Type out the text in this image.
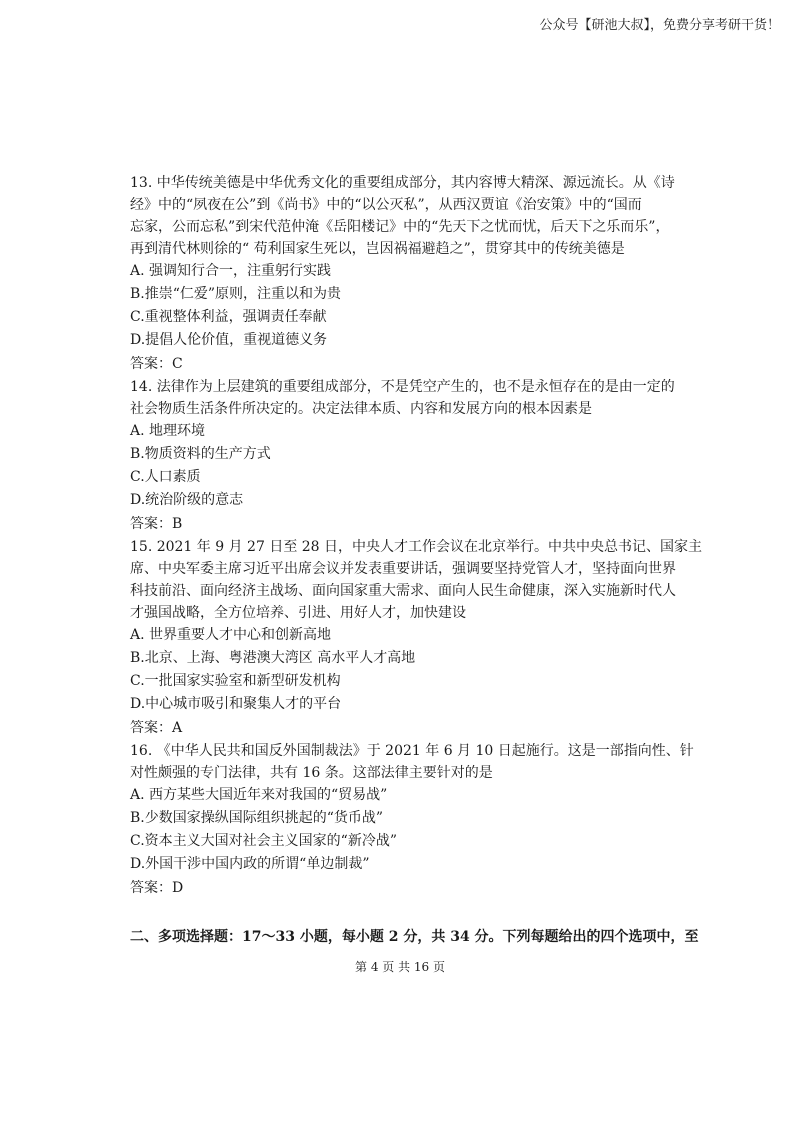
公众号【研池大叔】，免费分享考研干货！
13. 中华传统美德是中华优秀文化的重要组成部分，其内容博大精深、源远流长。从《诗
经》中的“夙夜在公”到《尚书》中的“以公灭私”，从西汉贾谊《治安策》中的“国而
忘家，公而忘私”到宋代范仲淹《岳阳楼记》中的“先天下之忧而忧，后天下之乐而乐”，
再到清代林则徐的“ 苟利国家生死以，岂因祸福避趋之”，贯穿其中的传统美德是
A. 强调知行合一，注重躬行实践
B.推崇“仁爱”原则，注重以和为贵
C.重视整体利益，强调责任奉献
D.提倡人伦价值，重视道德义务
答案：C
14. 法律作为上层建筑的重要组成部分，不是凭空产生的，也不是永恒存在的是由一定的
社会物质生活条件所决定的。决定法律本质、内容和发展方向的根本因素是
A. 地理环境
B.物质资料的生产方式
C.人口素质
D.统治阶级的意志
答案：B
15. 2021 年 9 月 27 日至 28 日，中央人才工作会议在北京举行。中共中央总书记、国家主
席、中央军委主席习近平出席会议并发表重要讲话，强调要坚持党管人才，坚持面向世界
科技前沿、面向经济主战场、面向国家重大需求、面向人民生命健康，深入实施新时代人
才强国战略，全方位培养、引进、用好人才，加快建设
A. 世界重要人才中心和创新高地
B.北京、上海、粤港澳大湾区 高水平人才高地
C.一批国家实验室和新型研发机构
D.中心城市吸引和聚集人才的平台
答案：A
16. 《中华人民共和国反外国制裁法》于 2021 年 6 月 10 日起施行。这是一部指向性、针
对性颇强的专门法律，共有 16 条。这部法律主要针对的是
A. 西方某些大国近年来对我国的“贸易战”
B.少数国家操纵国际组织挑起的“货币战”
C.资本主义大国对社会主义国家的“新冷战”
D.外国干涉中国内政的所谓“单边制裁”
答案：D
二、多项选择题：17～33 小题，每小题 2 分，共 34 分。下列每题给出的四个选项中，至
第 4 页 共 16 页
